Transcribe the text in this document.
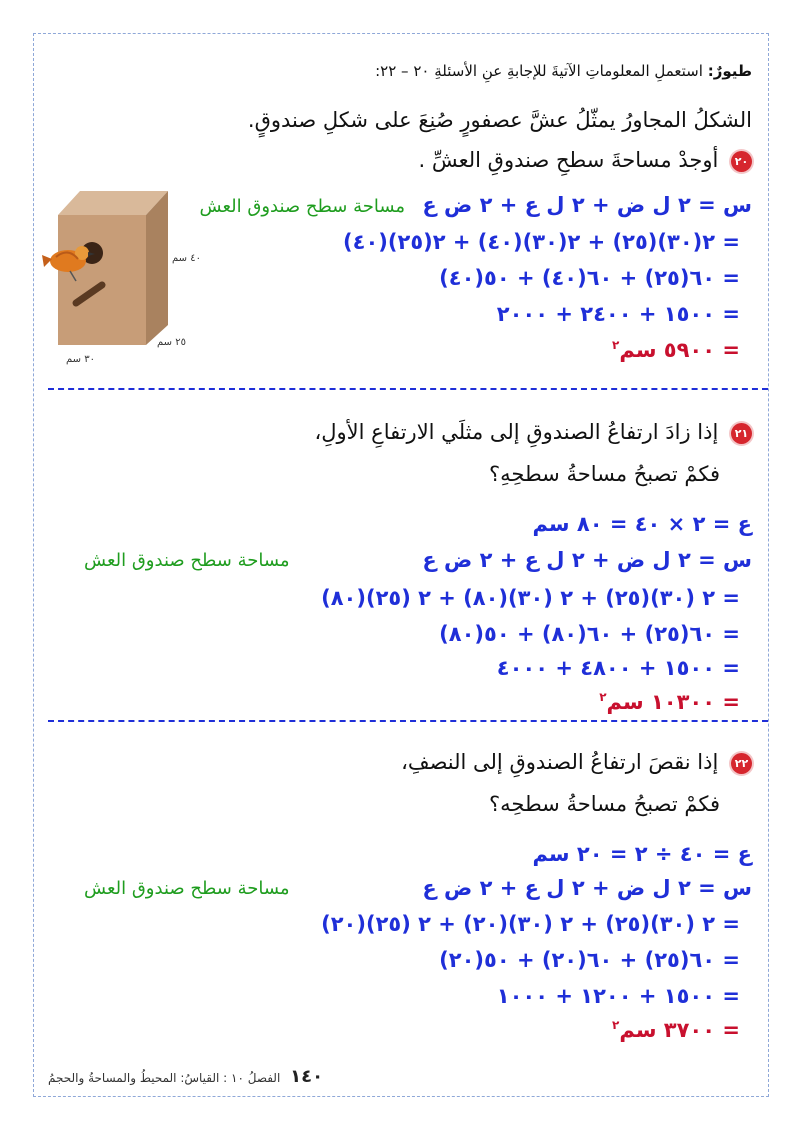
طيورٌ: استعملِ المعلوماتِ الآتيةَ للإجابةِ عنِ الأسئلةِ ٢٠ – ٢٢:
الشكلُ المجاورُ يمثّلُ عشَّ عصفورٍ صُنِعَ على شكلِ صندوقٍ.
٢٠ أوجدْ مساحةَ سطحِ صندوقِ العشِّ .
س = ٢ ل ض + ٢ ل ع + ٢ ض ع مساحة سطح صندوق العش
= ٢(٣٠)(٢٥) + ٢(٣٠)(٤٠) + ٢(٢٥)(٤٠)
= ٦٠(٢٥) + ٦٠(٤٠) + ٥٠(٤٠)
= ١٥٠٠ + ٢٤٠٠ + ٢٠٠٠
= ٥٩٠٠ سم$^٢$
٤٠ سم
٢٥ سم
٣٠ سم
٢١ إذا زادَ ارتفاعُ الصندوقِ إلى مثلَي الارتفاعِ الأولِ،
فكمْ تصبحُ مساحةُ سطحِهِ؟
ع = ٢ × ٤٠ = ٨٠ سم
س = ٢ ل ض + ٢ ل ع + ٢ ض ع
مساحة سطح صندوق العش
= ٢ (٣٠)(٢٥) + ٢ (٣٠)(٨٠) + ٢ (٢٥)(٨٠)
= ٦٠(٢٥) + ٦٠(٨٠) + ٥٠(٨٠)
= ١٥٠٠ + ٤٨٠٠ + ٤٠٠٠
= ١٠٣٠٠ سم$^٢$
٢٢ إذا نقصَ ارتفاعُ الصندوقِ إلى النصفِ،
فكمْ تصبحُ مساحةُ سطحِه؟
ع = ٤٠ ÷ ٢ = ٢٠ سم
س = ٢ ل ض + ٢ ل ع + ٢ ض ع
مساحة سطح صندوق العش
= ٢ (٣٠)(٢٥) + ٢ (٣٠)(٢٠) + ٢ (٢٥)(٢٠)
= ٦٠(٢٥) + ٦٠(٢٠) + ٥٠(٢٠)
= ١٥٠٠ + ١٢٠٠ + ١٠٠٠
= ٣٧٠٠ سم$^٢$
١٤٠ الفصلُ ١٠ : القياسُ: المحيطُ والمساحةُ والحجمُ
